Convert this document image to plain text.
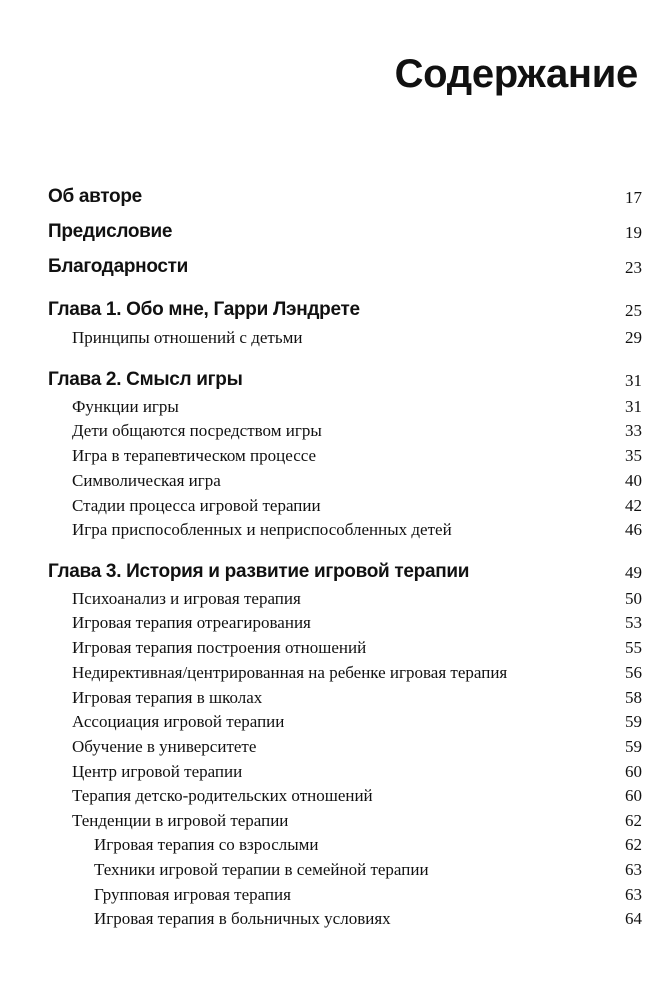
Содержание
Об авторе	17
Предисловие	19
Благодарности	23
Глава 1. Обо мне, Гарри Лэндрете	25
Принципы отношений с детьми	29
Глава 2. Смысл игры	31
Функции игры	31
Дети общаются посредством игры	33
Игра в терапевтическом процессе	35
Символическая игра	40
Стадии процесса игровой терапии	42
Игра приспособленных и неприспособленных детей	46
Глава 3. История и развитие игровой терапии	49
Психоанализ и игровая терапия	50
Игровая терапия отреагирования	53
Игровая терапия построения отношений	55
Недирективная/центрированная на ребенке игровая терапия	56
Игровая терапия в школах	58
Ассоциация игровой терапии	59
Обучение в университете	59
Центр игровой терапии	60
Терапия детско-родительских отношений	60
Тенденции в игровой терапии	62
Игровая терапия со взрослыми	62
Техники игровой терапии в семейной терапии	63
Групповая игровая терапия	63
Игровая терапия в больничных условиях	64
